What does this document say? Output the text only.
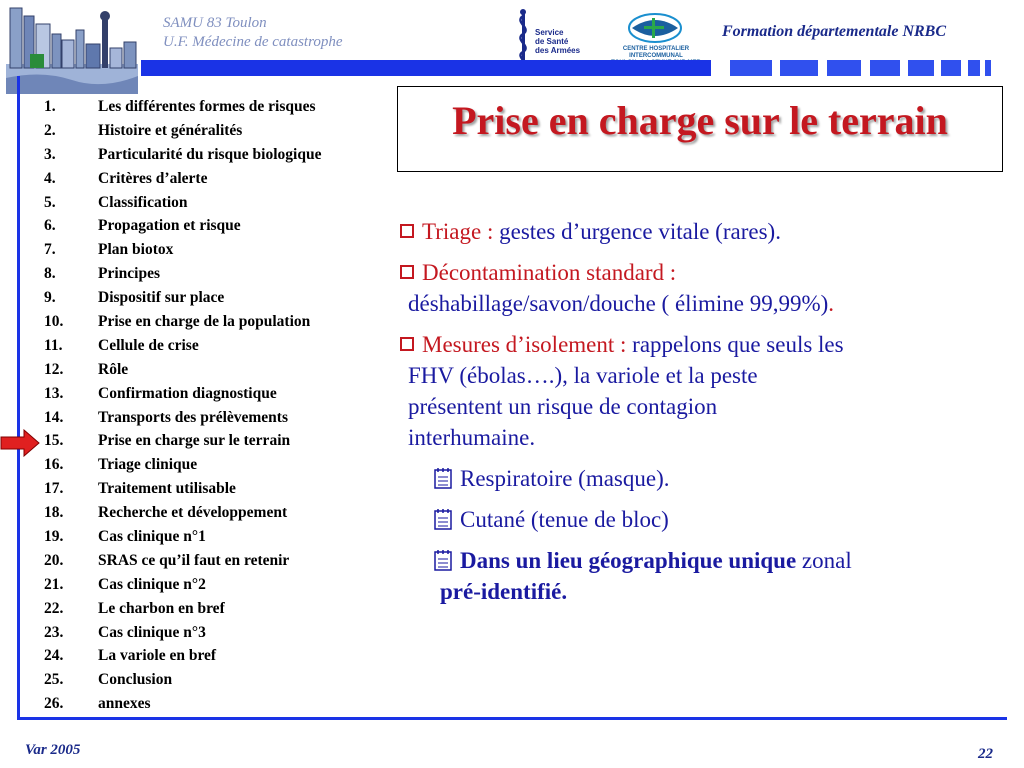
SAMU 83 Toulon
U.F. Médecine de catastrophe
Service
de Santé
des Armées	CENTRE HOSPITALIER INTERCOMMUNAL
Formation départementale NRBC
1.	Les différentes formes de risques
2.	Histoire et généralités
3.	Particularité du risque biologique
4.	Critères d’alerte
5.	Classification
6.	Propagation et risque
7.	Plan biotox
8.	Principes
9.	Dispositif sur place
10. Prise en charge de la population
11. Cellule de crise
12. Rôle
13. Confirmation diagnostique
14. Transports des prélèvements
15. Prise en charge sur le terrain
16. Triage clinique
17. Traitement utilisable
18. Recherche et développement
19. Cas clinique n°1
20. SRAS ce qu’il faut en retenir
21. Cas clinique n°2
22. Le charbon en bref
23. Cas clinique n°3
24. La variole en bref
25. Conclusion
26. annexes
Prise en charge sur le terrain
Triage : gestes d’urgence vitale (rares).
Décontamination standard :
déshabillage/savon/douche ( élimine 99,99%).
Mesures d’isolement : rappelons que seuls les
FHV (ébolas….), la variole et la peste
présentent un risque de contagion
interhumaine.
Respiratoire (masque).
Cutané (tenue de bloc)
Dans un lieu géographique unique zonal
pré-identifié.
Var 2005	22
